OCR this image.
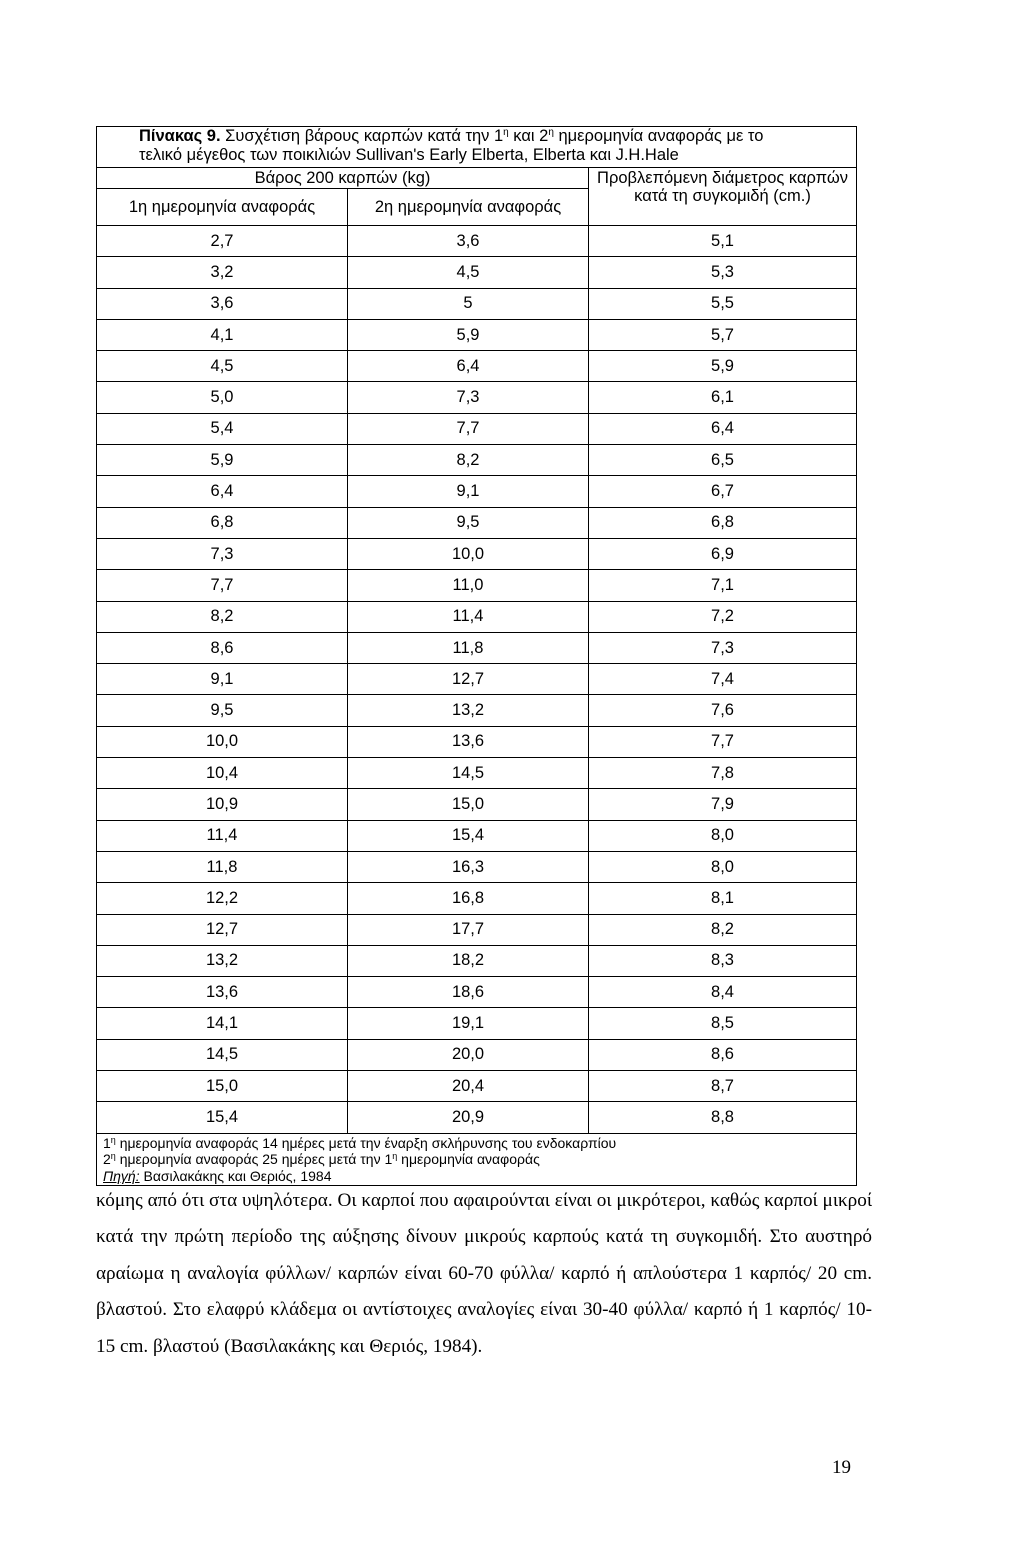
Πίνακας 9. Συσχέτιση βάρους καρπών κατά την $1^\eta$ και $2^\eta$ ημερομηνία αναφοράς με το
τελικό μέγεθος των ποικιλιών Sullivan's Early Elberta, Elberta και J.H.Hale		
Βάρος 200 καρπών (kg)		Προβλεπόμενη διάμετρος καρπών κατά τη συγκομιδή (cm.)
1η ημερομηνία αναφοράς	2η ημερομηνία αναφοράς	
2,7	3,6	5,1
3,2	4,5	5,3
3,6	5	5,5
4,1	5,9	5,7
4,5	6,4	5,9
5,0	7,3	6,1
5,4	7,7	6,4
5,9	8,2	6,5
6,4	9,1	6,7
6,8	9,5	6,8
7,3	10,0	6,9
7,7	11,0	7,1
8,2	11,4	7,2
8,6	11,8	7,3
9,1	12,7	7,4
9,5	13,2	7,6
10,0	13,6	7,7
10,4	14,5	7,8
10,9	15,0	7,9
11,4	15,4	8,0
11,8	16,3	8,0
12,2	16,8	8,1
12,7	17,7	8,2
13,2	18,2	8,3
13,6	18,6	8,4
14,1	19,1	8,5
14,5	20,0	8,6
15,0	20,4	8,7
15,4	20,9	8,8
$1^\eta$ ημερομηνία αναφοράς 14 ημέρες μετά την έναρξη σκλήρυνσης του ενδοκαρπίου
$2^\eta$ ημερομηνία αναφοράς 25 ημέρες μετά την $1^\eta$ ημερομηνία αναφοράς
Πηγή: Βασιλακάκης και Θεριός, 1984		
κόμης από ότι στα υψηλότερα. Οι καρποί που αφαιρούνται είναι οι μικρότεροι, καθώς καρποί μικροί κατά την πρώτη περίοδο της αύξησης δίνουν μικρούς καρπούς κατά τη συγκομιδή. Στο αυστηρό αραίωμα η αναλογία φύλλων/ καρπών είναι 60-70 φύλλα/ καρπό ή απλούστερα 1 καρπός/ 20 cm. βλαστού. Στο ελαφρύ κλάδεμα οι αντίστοιχες αναλογίες είναι 30-40 φύλλα/ καρπό ή 1 καρπός/ 10-15 cm. βλαστού (Βασιλακάκης και Θεριός, 1984).
19
